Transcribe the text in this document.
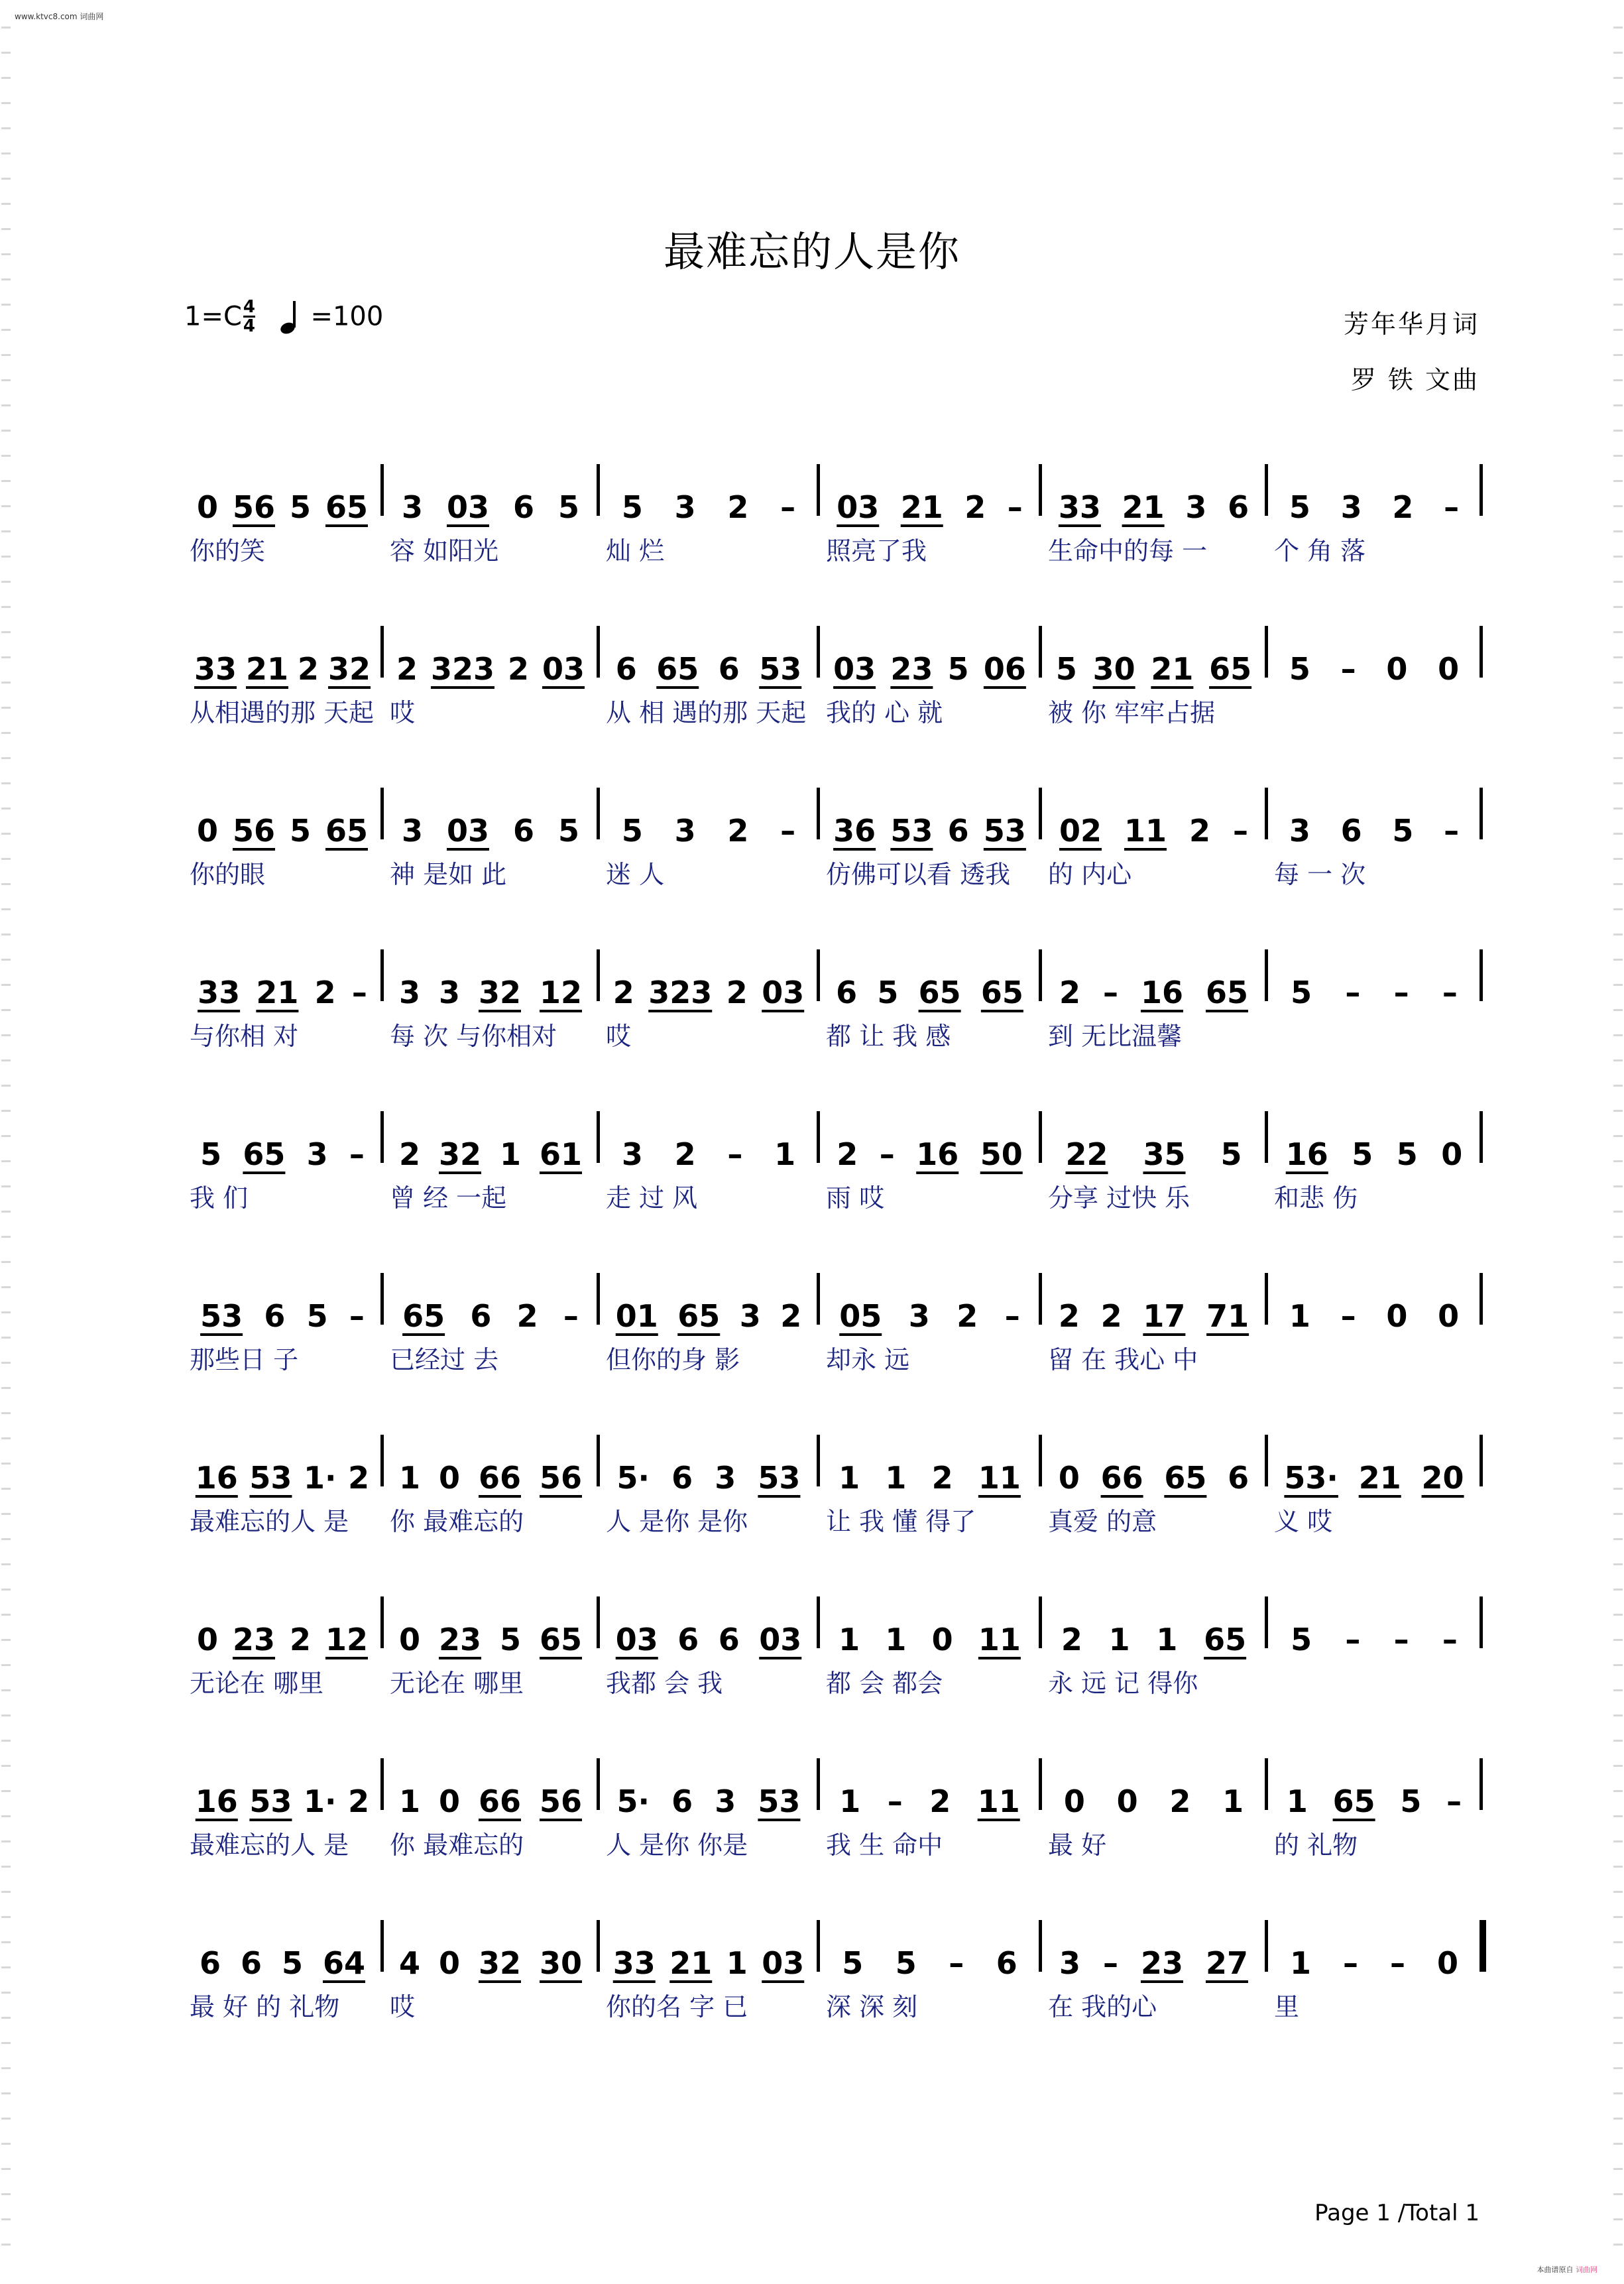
www.ktvc8.com 词曲网
最难忘的人是你
$1=C \frac{4}{4} =100$	芳年华月词
罗 铁 文曲
0 56 5 65 3 03 6 5 5 3 2 – 03 21 2 – 33 21 3 6 5 3 2 –
你的笑	容 如阳光	灿 烂	照亮了我	生命中的每 一	个 角 落
33 21 2 32 2 323 2 03 6 65 6 53 03 23 5 06 5 30 21 65 5 – 0 0
从相遇的那 天起 哎	从 相 遇的那 天起 我的 心 就	被 你 牢牢占据
0 56 5 65 3 03 6 5 5 3 2 – 36 53 6 53 02 11 2 – 3 6 5 –
你的眼	神 是如 此	迷 人	仿佛可以看 透我 的 内心	每 一 次
33 21 2 – 3 3 32 12 2 323 2 03 6 5 65 65 2 – 16 65 5 – – –
与你相 对	每 次 与你相对 哎	都 让 我 感	到 无比温馨
5 65 3 – 2 32 1 61 3 2 – 1 2 – 16 50 22 35 5 16 5 5 0
我 们	曾 经 一起	走 过 风	雨 哎	分享 过快 乐	和悲 伤
53 6 5 – 65 6 2 – 01 65 3 2 05 3 2 – 2 2 17 71 1 – 0 0
那些日 子	已经过 去	但你的身 影	却永 远	留 在 我心 中
16 53 1· 2 1 0 66 56 5· 6 3 53 1 1 2 11 0 66 65 6 53· 21 20
最难忘的人 是 你 最难忘的	人 是你 是你	让 我 懂 得了	真爱 的意	义 哎
0 23 2 12 0 23 5 65 03 6 6 03 1 1 0 11 2 1 1 65 5 – – –
无论在 哪里	无论在 哪里	我都 会 我	都 会 都会	永 远 记 得你
16 53 1· 2 1 0 66 56 5· 6 3 53 1 – 2 11 0 0 2 1 1 65 5 –
最难忘的人 是 你 最难忘的	人 是你 你是	我 生 命中	最 好	的 礼物
6 6 5 64 4 0 32 30 33 21 1 03 5 5 – 6 3 – 23 27 1 – – 0
最 好 的 礼物 哎	你的名 字 已	深 深 刻	在 我的心	里
Page 1 /Total 1
本曲谱原自 词曲网
